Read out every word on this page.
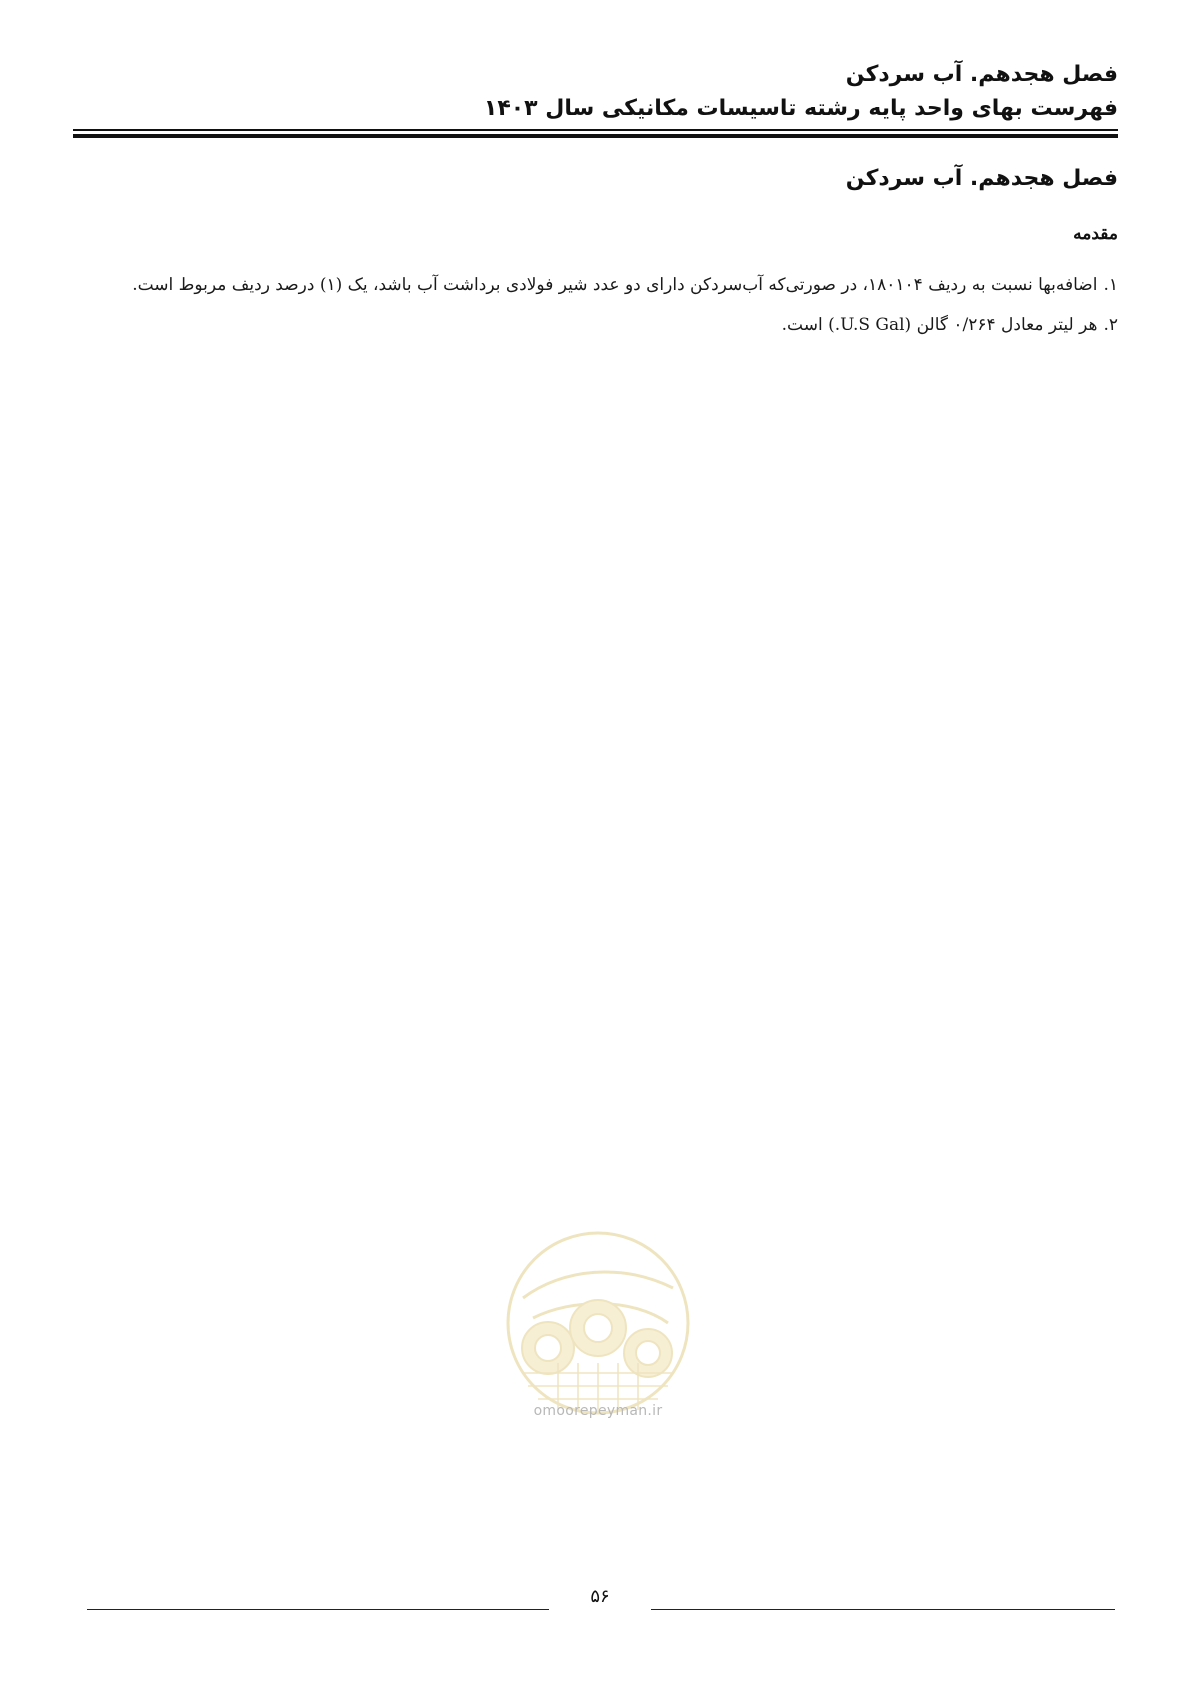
فصل هجدهم. آب سردکن
فهرست بهای واحد پایه رشته تاسیسات مکانیکی سال ۱۴۰۳
فصل هجدهم. آب سردکن
مقدمه

۱.اضافه‌بها نسبت به ردیف ۱۸۰۱۰۴، در صورتی‌که آب‌سردکن دارای دو عدد شیر فولادی برداشت آب باشد، یک (۱) درصد ردیف مربوط است.

۲.هر لیتر معادل ۰/۲۶۴ گالن (U.S Gal.) است.

omoorepeyman.ir
۵۶
